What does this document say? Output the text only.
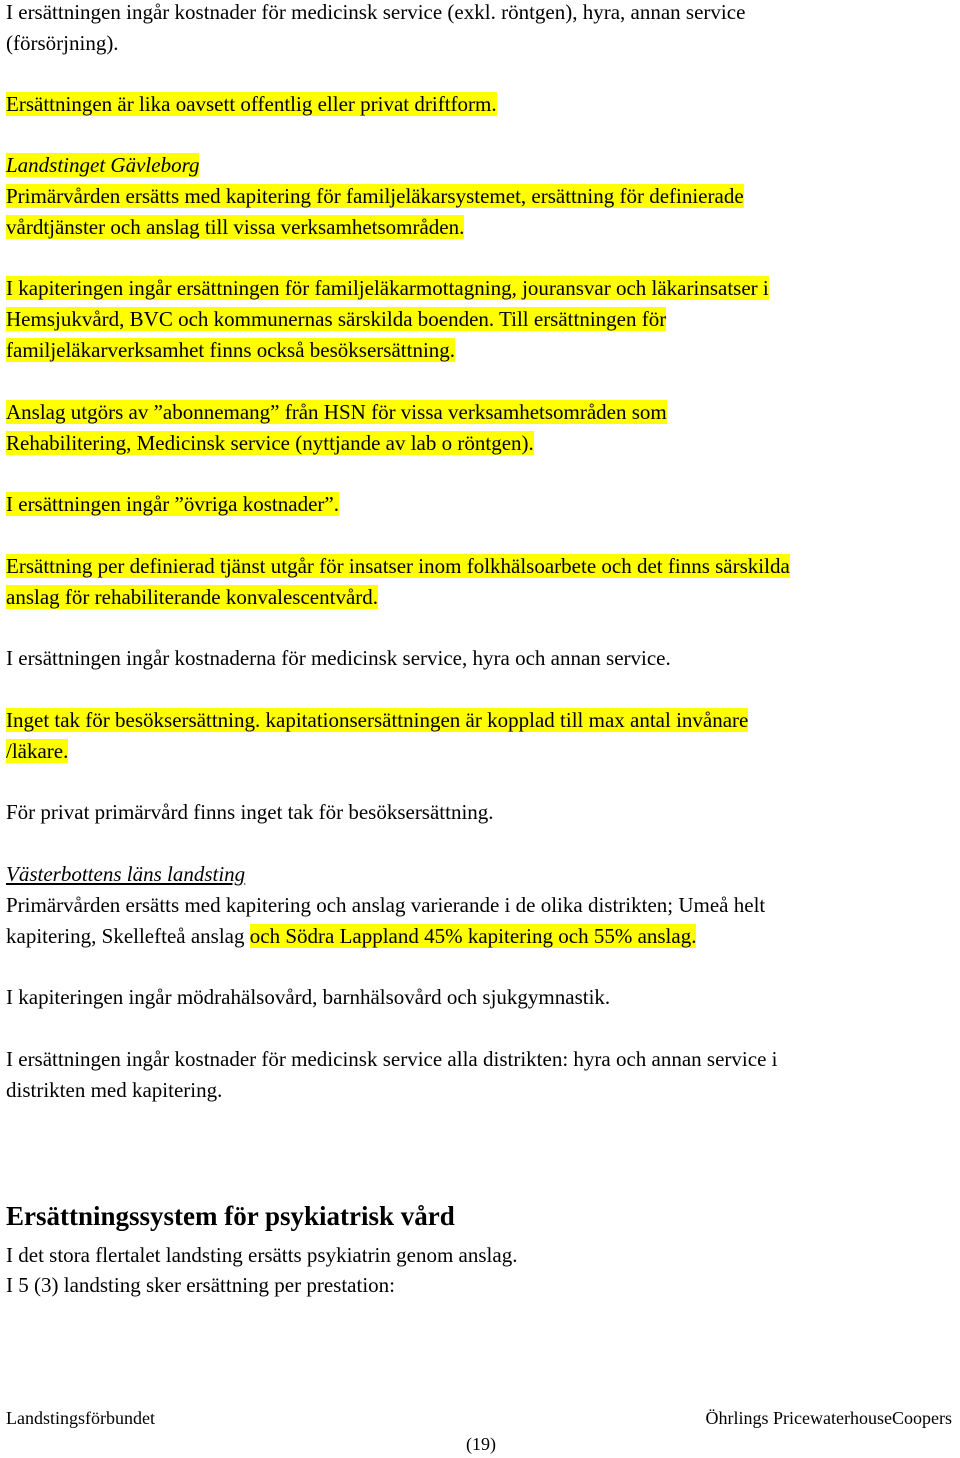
I ersättningen ingår kostnader för medicinsk service (exkl. röntgen), hyra, annan service
(försörjning).
Ersättningen är lika oavsett offentlig eller privat driftform.
Landstinget Gävleborg
Primärvården ersätts med kapitering för familjeläkarsystemet, ersättning för definierade
vårdtjänster och anslag till vissa verksamhetsområden.
I kapiteringen ingår ersättningen för familjeläkarmottagning, jouransvar och läkarinsatser i
Hemsjukvård, BVC och kommunernas särskilda boenden. Till ersättningen för
familjeläkarverksamhet finns också besöksersättning.
Anslag utgörs av ”abonnemang” från HSN för vissa verksamhetsområden som
Rehabilitering, Medicinsk service (nyttjande av lab o röntgen).
I ersättningen ingår ”övriga kostnader”.
Ersättning per definierad tjänst utgår för insatser inom folkhälsoarbete och det finns särskilda
anslag för rehabiliterande konvalescentvård.
I ersättningen ingår kostnaderna för medicinsk service, hyra och annan service.
Inget tak för besöksersättning. kapitationsersättningen är kopplad till max antal invånare
/läkare.
För privat primärvård finns inget tak för besöksersättning.
Västerbottens läns landsting
Primärvården ersätts med kapitering och anslag varierande i de olika distrikten; Umeå helt
kapitering, Skellefteå anslag och Södra Lappland 45% kapitering och 55% anslag.
I kapiteringen ingår mödrahälsovård, barnhälsovård och sjukgymnastik.
I ersättningen ingår kostnader för medicinsk service alla distrikten: hyra och annan service i
distrikten med kapitering.
Ersättningssystem för psykiatrisk vård
I det stora flertalet landsting ersätts psykiatrin genom anslag.
I 5 (3) landsting sker ersättning per prestation:
Landstingsförbundet	Öhrlings PricewaterhouseCoopers
(19)
